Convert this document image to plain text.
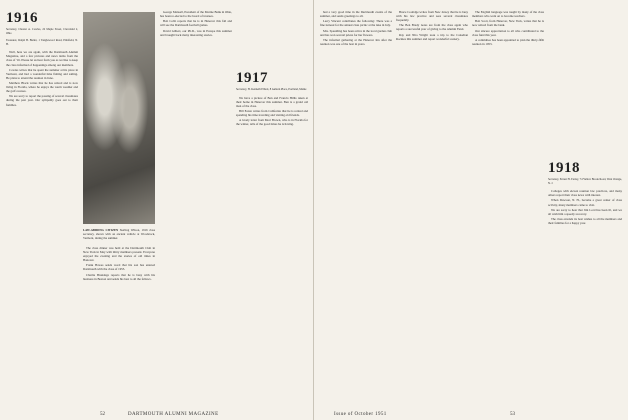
1916
Secretary, Chester A. Cowles, 22 Maple Street, Cleveland 2, Ohio
Treasurer, Ralph B. Butler, 1 Tanglewood Road, Pittsfield, N. H.

Well, here we are again, with the Dartmouth Alumni Magazine, and a few pictures and news items from the class of '16. Please let us hear from you as we like to keep the class informed of happenings among our members.

Cowles writes that he spent the summer at his place in Vermont, and had a wonderful time fishing and sailing. He plans to attend the reunion in June.

Matthew Black writes that he has retired and is now living in Florida, where he enjoys the warm weather and the golf courses.

We are sorry to report the passing of several classmates during the past year. Our sympathy goes out to their families.

LAW-ABIDING CITIZEN Sterling Wilson, 1916 class secretary, shown with an ancient vehicle at Woodstock, Vermont, during the summer.

The class dinner was held at the Dartmouth Club in New York in May with thirty members present. Everyone enjoyed the evening and the stories of old times in Hanover.

Frank Hawes sends word that his son has entered Dartmouth with the class of 1955.

Charlie Brundage reports that he is busy with his business in Boston and sends his best to all the fellows.

George Mansell, President of the Marine Bank in Ohio, has been re-elected to the board of trustees.

Bob Cobb reports that he is in Hanover this fall and will see the Dartmouth football games.

David Gilbert, our Ph.D., was in Europe this summer and brought back many interesting stories.

1917
Secretary, H. Kenneth Elliott, 8 Auburn Place, Portland, Maine

We have a picture of Ben and Francis Hillis taken at their home in Hanover this summer. Ben is a grand old man of the class.

Bill Eaton writes from California that he is retired and spending his time traveling and visiting old friends.

A lovely letter from Mort Brown, who is in Florida for the winter, tells of the good times he is having.

52	DARTMOUTH ALUMNI MAGAZINE

had a very good time in the Dartmouth events of the summer, and sends greetings to all.

Larry Vincent contributes the following: There was a fine turnout for the annual class picnic at the lake in July.

Mrs. Spaulding has been active in the local garden club and has won several prizes for her flowers.

The informal gathering at the Hanover Inn after the reunion was one of the best in years.

Bruce Coolidge writes from New Jersey that he is busy with his law practice and sees several classmates frequently.

The Ben Brady notes are from the class agent who reports a successful year of giving to the Alumni Fund.

Ray and Nita Wright took a trip to the Canadian Rockies this summer and report wonderful scenery.

The English language was taught by many of the class members who went on to become teachers.

Bob Scott, from Hanover, New York, writes that he is now retired from the bank.

Our sincere appreciation to all who contributed to the class fund this year.

A committee has been appointed to plan the thirty-fifth reunion in 1953.

1918
Secretary, Ernest H. Earley, 74 Yellow Brook Road, West Orange, N. J.

Colleges with eleven reunion law practices, and many others report their class news with interest.

When Dawson, N. H., became a great center of class activity, many members came to visit.

We are sorry to hear that Jim Lord has been ill, and we all wish him a speedy recovery.

The class extends its best wishes to all the members and their families for a happy year.

Issue of October 1951	53
